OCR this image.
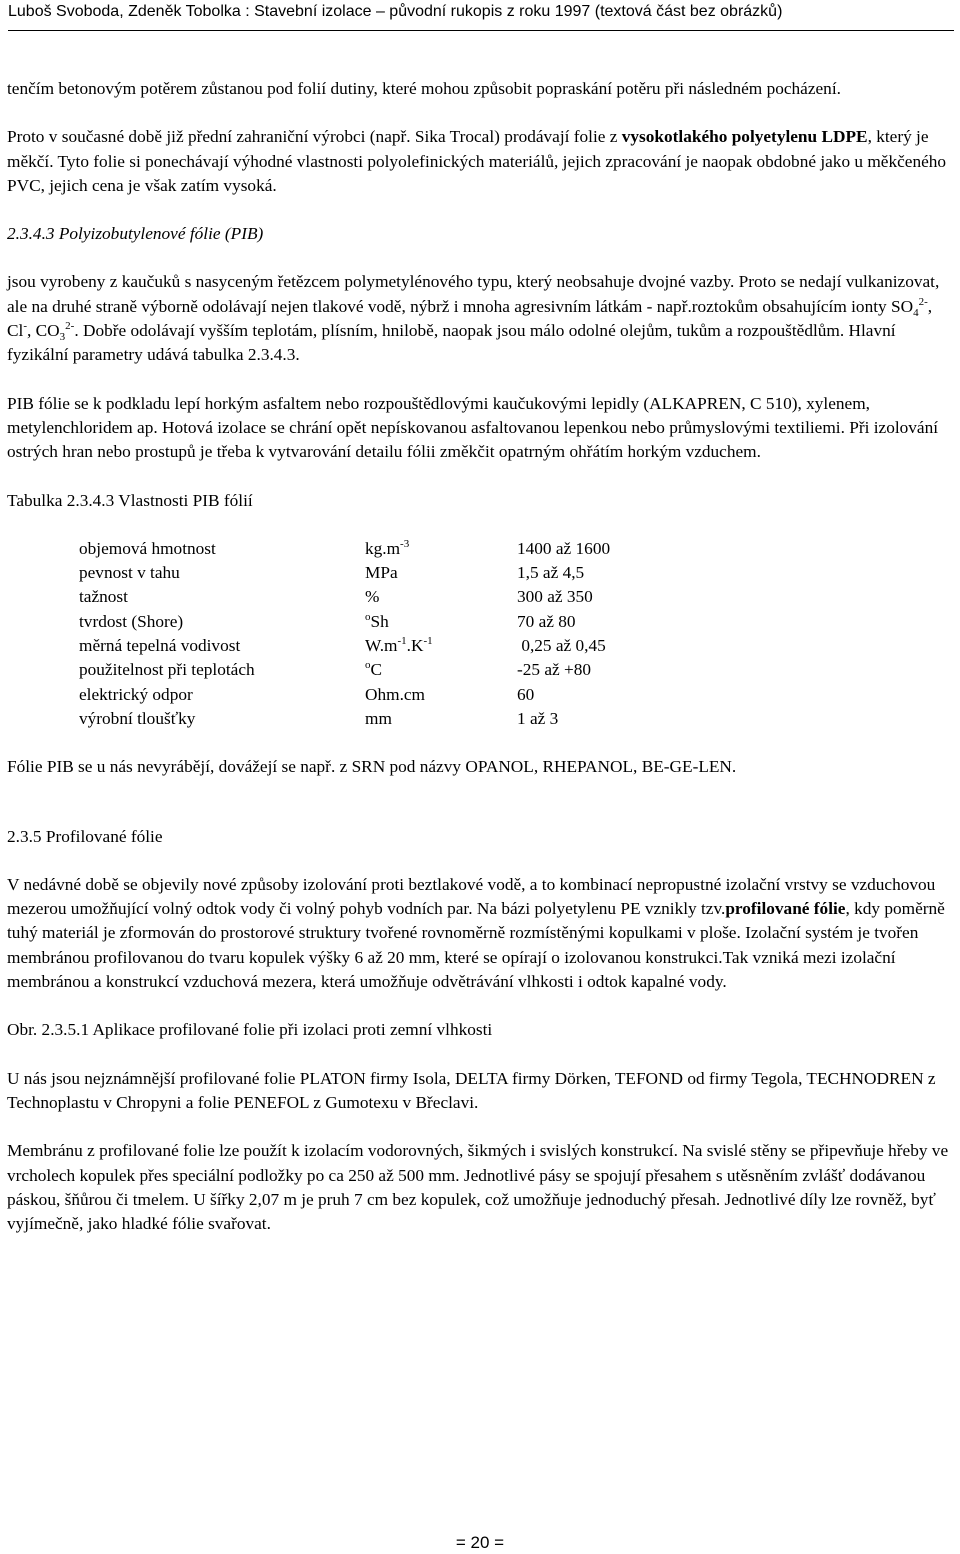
Luboš Svoboda, Zdeněk Tobolka : Stavební izolace – původní rukopis z roku 1997 (textová část bez obrázků)

tenčím betonovým potěrem zůstanou pod folií dutiny, které mohou způsobit popraskání potěru při následném pocházení.

Proto v současné době již přední zahraniční výrobci (např. Sika Trocal) prodávají folie z vysokotlakého polyetylenu LDPE, který je měkčí. Tyto folie si ponechávají výhodné vlastnosti polyolefinických materiálů, jejich zpracování je naopak obdobné jako u měkčeného PVC, jejich cena je však zatím vysoká.

2.3.4.3 Polyizobutylenové fólie (PIB)

jsou vyrobeny z kaučuků s nasyceným řetězcem polymetylénového typu, který neobsahuje dvojné vazby. Proto se nedají vulkanizovat, ale na druhé straně výborně odolávají nejen tlakové vodě, nýbrž i mnoha agresivním látkám - např.roztokům obsahujícím ionty $SO_4^{2-}$, Cl-, $CO_3^{2-}$. Dobře odolávají vyšším teplotám, plísním, hnilobě, naopak jsou málo odolné olejům, tukům a rozpouštědlům. Hlavní fyzikální parametry udává tabulka 2.3.4.3.

PIB fólie se k podkladu lepí horkým asfaltem nebo rozpouštědlovými kaučukovými lepidly (ALKAPREN, C 510), xylenem, metylenchloridem ap. Hotová izolace se chrání opět nepískovanou asfaltovanou lepenkou nebo průmyslovými textiliemi. Při izolování ostrých hran nebo prostupů je třeba k vytvarování detailu fólii změkčit opatrným ohřátím horkým vzduchem.

Tabulka 2.3.4.3 Vlastnosti PIB fólií

objemová hmotnost	$kg.m^{-3}$	1400 až 1600
pevnost v tahu	MPa	1,5 až 4,5
tažnost	%	300 až 350
tvrdost (Shore)	$^o$Sh	70 až 80
měrná tepelná vodivost	$W.m^{-1}.K^{-1}$	0,25 až 0,45
použitelnost při teplotách	$^o$C	-25 až +80
elektrický odpor	Ohm.cm	60
výrobní tloušťky	mm	1 až 3

Fólie PIB se u nás nevyrábějí, dovážejí se např. z SRN pod názvy OPANOL, RHEPANOL, BE-GE-LEN.

2.3.5 Profilované fólie

V nedávné době se objevily nové způsoby izolování proti beztlakové vodě, a to kombinací nepropustné izolační vrstvy se vzduchovou mezerou umožňující volný odtok vody či volný pohyb vodních par. Na bázi polyetylenu PE vznikly tzv.profilované fólie, kdy poměrně tuhý materiál je zformován do prostorové struktury tvořené rovnoměrně rozmístěnými kopulkami v ploše. Izolační systém je tvořen membránou profilovanou do tvaru kopulek výšky 6 až 20 mm, které se opírají o izolovanou konstrukci.Tak vzniká mezi izolační membránou a konstrukcí vzduchová mezera, která umožňuje odvětrávání vlhkosti i odtok kapalné vody.

Obr. 2.3.5.1 Aplikace profilované folie při izolaci proti zemní vlhkosti

U nás jsou nejznámnější profilované folie PLATON firmy Isola, DELTA firmy Dörken, TEFOND od firmy Tegola, TECHNODREN z Technoplastu v Chropyni a folie PENEFOL z Gumotexu v Břeclavi.

Membránu z profilované folie lze použít k izolacím vodorovných, šikmých i svislých konstrukcí. Na svislé stěny se připevňuje hřeby ve vrcholech kopulek přes speciální podložky po ca 250 až 500 mm. Jednotlivé pásy se spojují přesahem s utěsněním zvlášť dodávanou páskou, šňůrou či tmelem. U šířky 2,07 m je pruh 7 cm bez kopulek, což umožňuje jednoduchý přesah. Jednotlivé díly lze rovněž, byť vyjímečně, jako hladké fólie svařovat.

= 20 =
